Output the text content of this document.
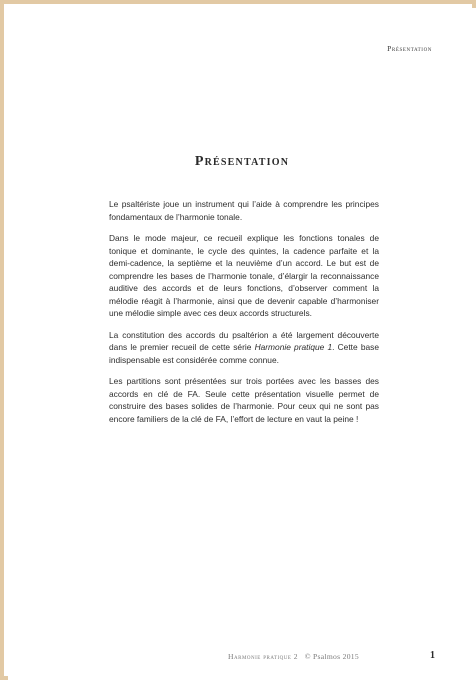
Présentation
Présentation

Le psaltériste joue un instrument qui l’aide à comprendre les principes fondamentaux de l’harmonie tonale.

Dans le mode majeur, ce recueil explique les fonctions tonales de tonique et dominante, le cycle des quintes, la cadence parfaite et la demi-cadence, la septième et la neuvième d’un accord. Le but est de comprendre les bases de l’harmonie tonale, d’élargir la reconnaissance auditive des accords et de leurs fonctions, d’observer comment la mélodie réagit à l’harmonie, ainsi que de devenir capable d’harmoniser une mélodie simple avec ces deux accords structurels.

La constitution des accords du psaltérion a été largement découverte dans le premier recueil de cette série Harmonie pratique 1. Cette base indispensable est considérée comme connue.

Les partitions sont présentées sur trois portées avec les basses des accords en clé de FA. Seule cette présentation visuelle permet de construire des bases solides de l’harmonie. Pour ceux qui ne sont pas encore familiers de la clé de FA, l’effort de lecture en vaut la peine !

Harmonie pratique 2 © Psalmos 2015	1
